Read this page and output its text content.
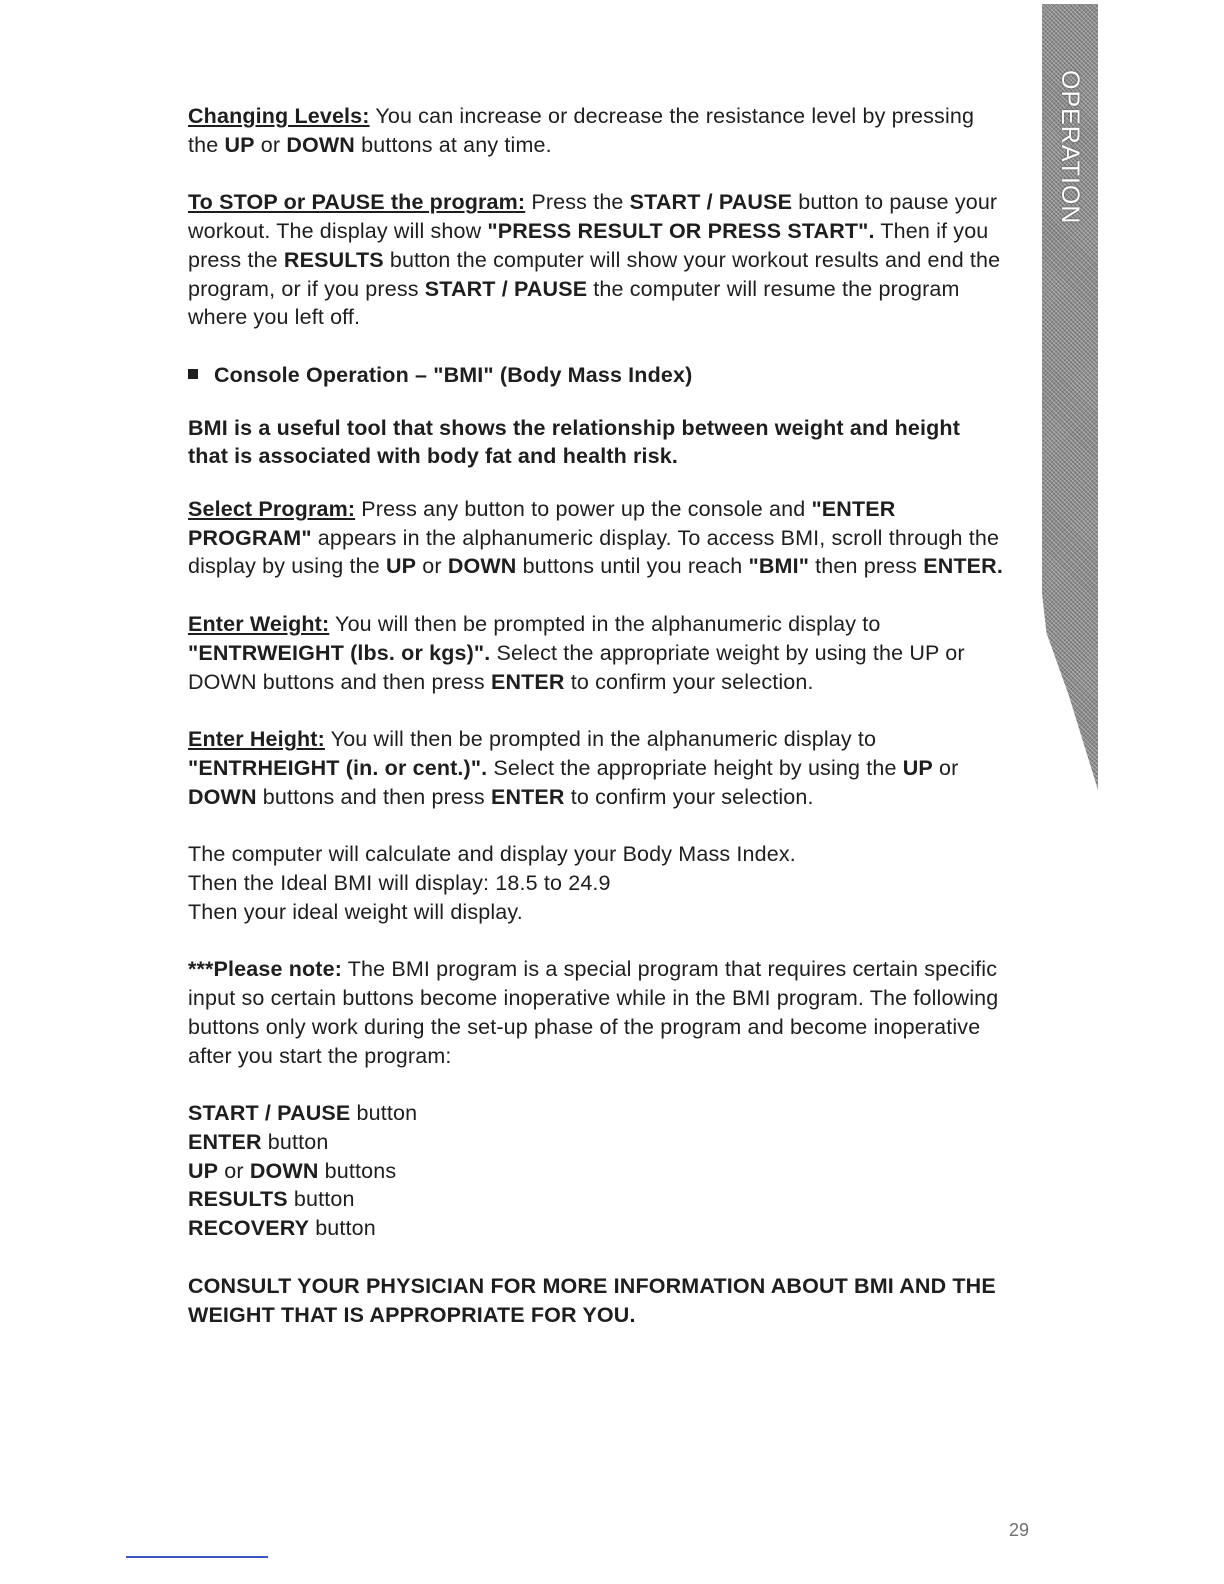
OPERATION

Changing Levels: You can increase or decrease the resistance level by pressing the UP or DOWN buttons at any time.

To STOP or PAUSE the program: Press the START / PAUSE button to pause your workout. The display will show "PRESS RESULT OR PRESS START". Then if you press the RESULTS button the computer will show your workout results and end the program, or if you press START / PAUSE the computer will resume the program where you left off.

Console Operation – "BMI" (Body Mass Index)

BMI is a useful tool that shows the relationship between weight and height that is associated with body fat and health risk.

Select Program: Press any button to power up the console and "ENTER PROGRAM" appears in the alphanumeric display. To access BMI, scroll through the display by using the UP or DOWN buttons until you reach "BMI" then press ENTER.

Enter Weight: You will then be prompted in the alphanumeric display to "ENTRWEIGHT (lbs. or kgs)". Select the appropriate weight by using the UP or DOWN buttons and then press ENTER to confirm your selection.

Enter Height: You will then be prompted in the alphanumeric display to "ENTRHEIGHT (in. or cent.)". Select the appropriate height by using the UP or DOWN buttons and then press ENTER to confirm your selection.

The computer will calculate and display your Body Mass Index.

Then the Ideal BMI will display: 18.5 to 24.9

Then your ideal weight will display.

***Please note: The BMI program is a special program that requires certain specific input so certain buttons become inoperative while in the BMI program. The following buttons only work during the set-up phase of the program and become inoperative after you start the program:

START / PAUSE button

ENTER button

UP or DOWN buttons

RESULTS button

RECOVERY button

CONSULT YOUR PHYSICIAN FOR MORE INFORMATION ABOUT BMI AND THE WEIGHT THAT IS APPROPRIATE FOR YOU.

29
